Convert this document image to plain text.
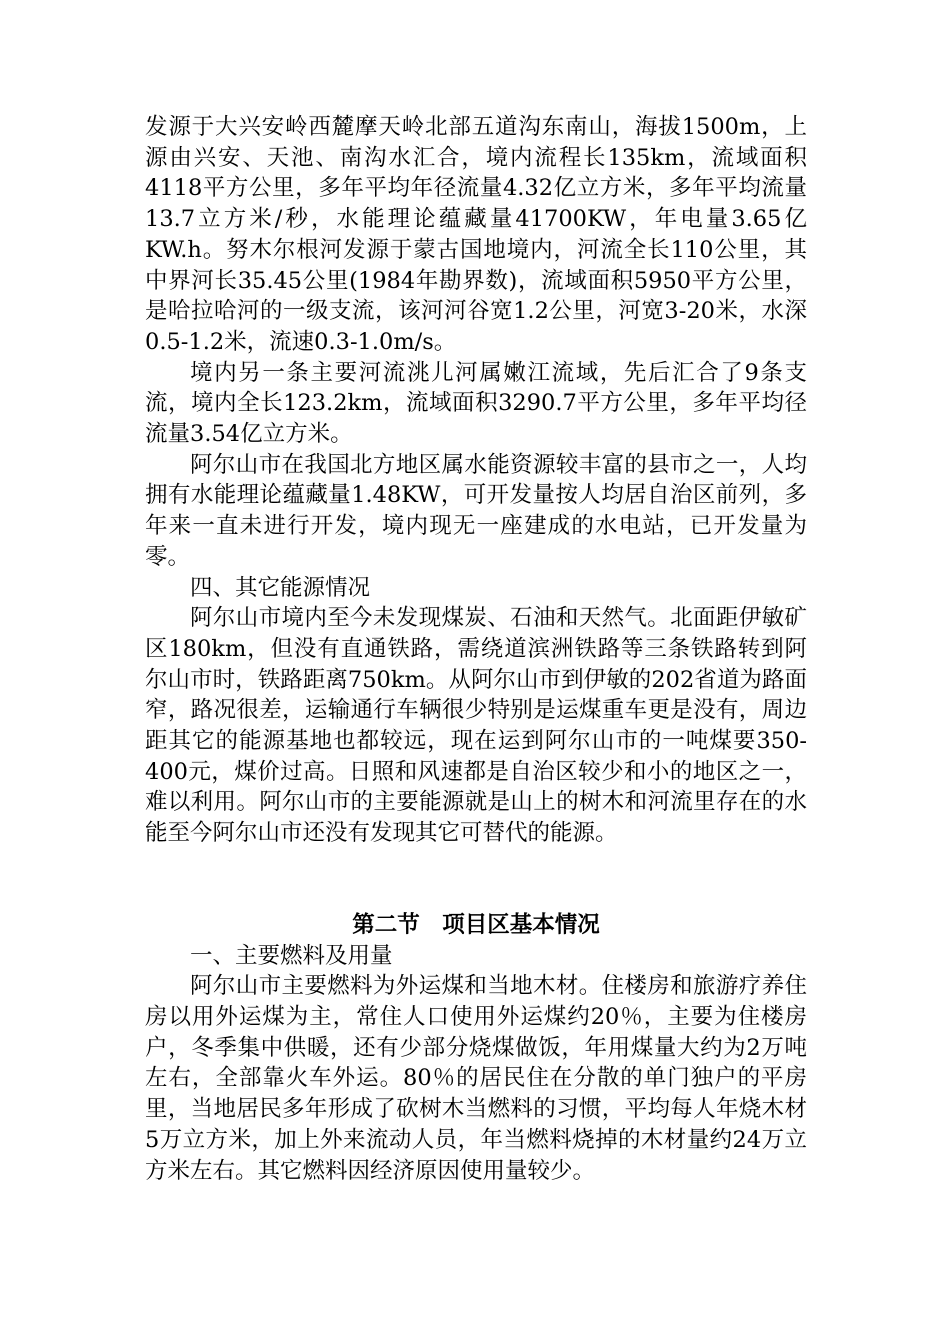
发源于大兴安岭西麓摩天岭北部五道沟东南山，海拔1500m，上源由兴安、天池、南沟水汇合，境内流程长135km，流域面积4118平方公里，多年平均年径流量4.32亿立方米，多年平均流量13.7立方米/秒，水能理论蕴藏量41700KW，年电量3.65亿KW.h。努木尔根河发源于蒙古国地境内，河流全长110公里，其中界河长35.45公里(1984年勘界数)，流域面积5950平方公里，是哈拉哈河的一级支流，该河河谷宽1.2公里，河宽3-20米，水深0.5-1.2米，流速0.3-1.0m/s。

境内另一条主要河流洮儿河属嫩江流域，先后汇合了9条支流，境内全长123.2km，流域面积3290.7平方公里，多年平均径流量3.54亿立方米。

阿尔山市在我国北方地区属水能资源较丰富的县市之一，人均拥有水能理论蕴藏量1.48KW，可开发量按人均居自治区前列，多年来一直未进行开发，境内现无一座建成的水电站，已开发量为零。

四、其它能源情况

阿尔山市境内至今未发现煤炭、石油和天然气。北面距伊敏矿区180km，但没有直通铁路，需绕道滨洲铁路等三条铁路转到阿尔山市时，铁路距离750km。从阿尔山市到伊敏的202省道为路面窄，路况很差，运输通行车辆很少特别是运煤重车更是没有，周边距其它的能源基地也都较远，现在运到阿尔山市的一吨煤要350-400元，煤价过高。日照和风速都是自治区较少和小的地区之一，难以利用。阿尔山市的主要能源就是山上的树木和河流里存在的水能至今阿尔山市还没有发现其它可替代的能源。

第二节　项目区基本情况

一、主要燃料及用量

阿尔山市主要燃料为外运煤和当地木材。住楼房和旅游疗养住房以用外运煤为主，常住人口使用外运煤约20％，主要为住楼房户，冬季集中供暖，还有少部分烧煤做饭，年用煤量大约为2万吨左右，全部靠火车外运。80％的居民住在分散的单门独户的平房里，当地居民多年形成了砍树木当燃料的习惯，平均每人年烧木材5万立方米，加上外来流动人员，年当燃料烧掉的木材量约24万立方米左右。其它燃料因经济原因使用量较少。
